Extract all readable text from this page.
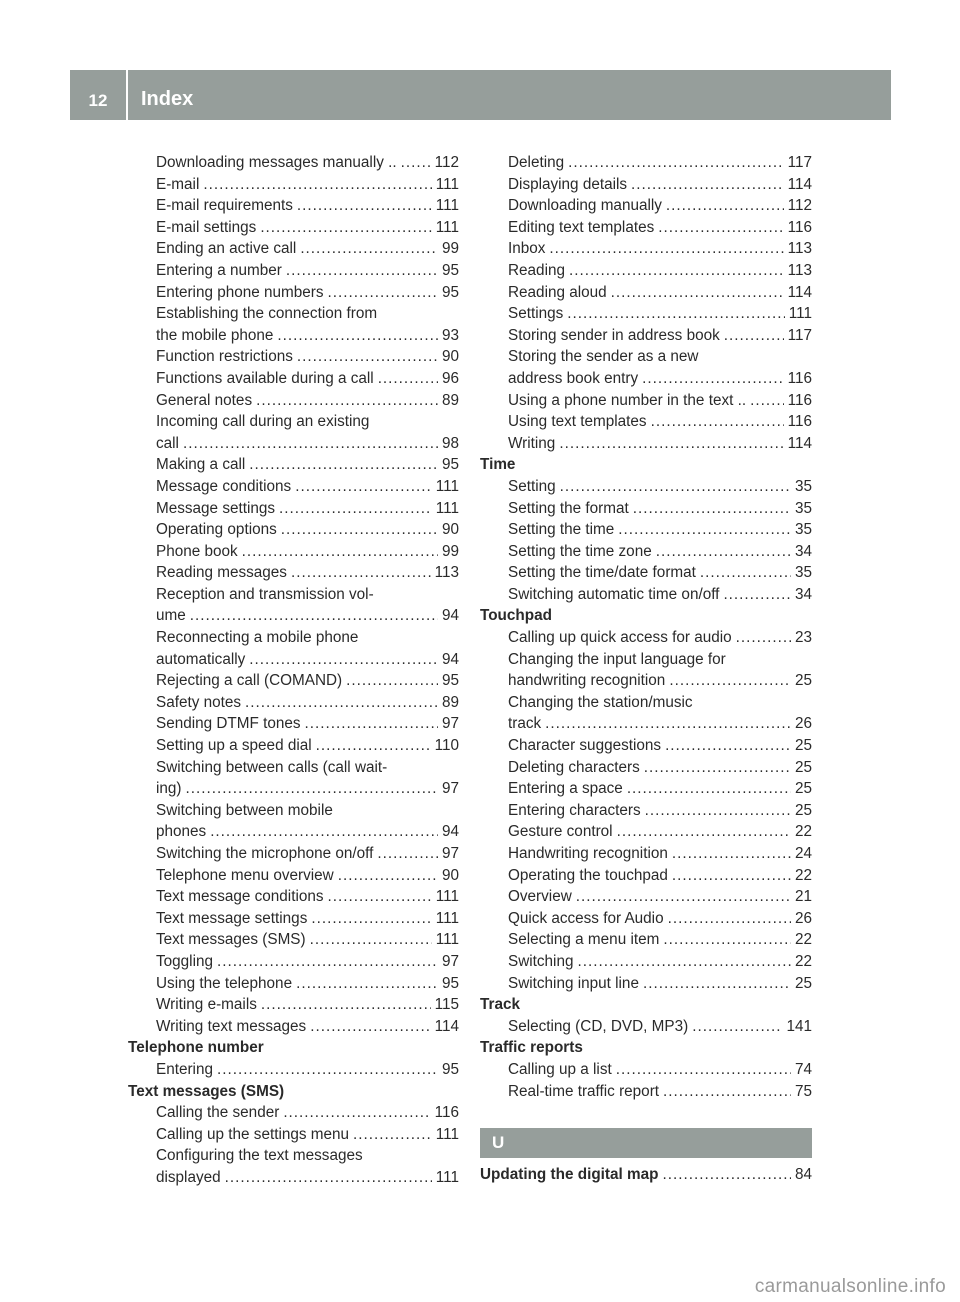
12	Index
Downloading messages manually .. ..... 112
E-mail .....	111
E-mail requirements .....	111
E-mail settings .....	111
Ending an active call .....	99
Entering a number .....	95
Entering phone numbers .....	95
Establishing the connection from
the mobile phone .....	93
Function restrictions .....	90
Functions available during a call .....	96
General notes .....	89
Incoming call during an existing
call .....	98
Making a call .....	95
Message conditions .....	111
Message settings .....	111
Operating options .....	90
Phone book .....	99
Reading messages .....	113
Reception and transmission vol-
ume .....	94
Reconnecting a mobile phone
automatically .....	94
Rejecting a call (COMAND) .....	95
Safety notes .....	89
Sending DTMF tones .....	97
Setting up a speed dial .....	110
Switching between calls (call wait-
ing) .....	97
Switching between mobile
phones .....	94
Switching the microphone on/off .....	97
Telephone menu overview .....	90
Text message conditions .....	111
Text message settings .....	111
Text messages (SMS) .....	111
Toggling .....	97
Using the telephone .....	95
Writing e-mails .....	115
Writing text messages .....	114
Telephone number
Entering .....	95
Text messages (SMS)
Calling the sender .....	116
Calling up the settings menu .....	111
Configuring the text messages
displayed .....	111
Deleting .....	117
Displaying details .....	114
Downloading manually .....	112
Editing text templates .....	116
Inbox .....	113
Reading .....	113
Reading aloud .....	114
Settings .....	111
Storing sender in address book .....	117
Storing the sender as a new
address book entry .....	116
Using a phone number in the text .. .....	116
Using text templates .....	116
Writing .....	114
Time
Setting .....	35
Setting the format .....	35
Setting the time .....	35
Setting the time zone .....	34
Setting the time/date format .....	35
Switching automatic time on/off .....	34
Touchpad
Calling up quick access for audio .....	23
Changing the input language for
handwriting recognition .....	25
Changing the station/music
track .....	26
Character suggestions .....	25
Deleting characters .....	25
Entering a space .....	25
Entering characters .....	25
Gesture control .....	22
Handwriting recognition .....	24
Operating the touchpad .....	22
Overview .....	21
Quick access for Audio .....	26
Selecting a menu item .....	22
Switching .....	22
Switching input line .....	25
Track
Selecting (CD, DVD, MP3) .....	141
Traffic reports
Calling up a list .....	74
Real-time traffic report .....	75
U
Updating the digital map .....	84
carmanualsonline.info
